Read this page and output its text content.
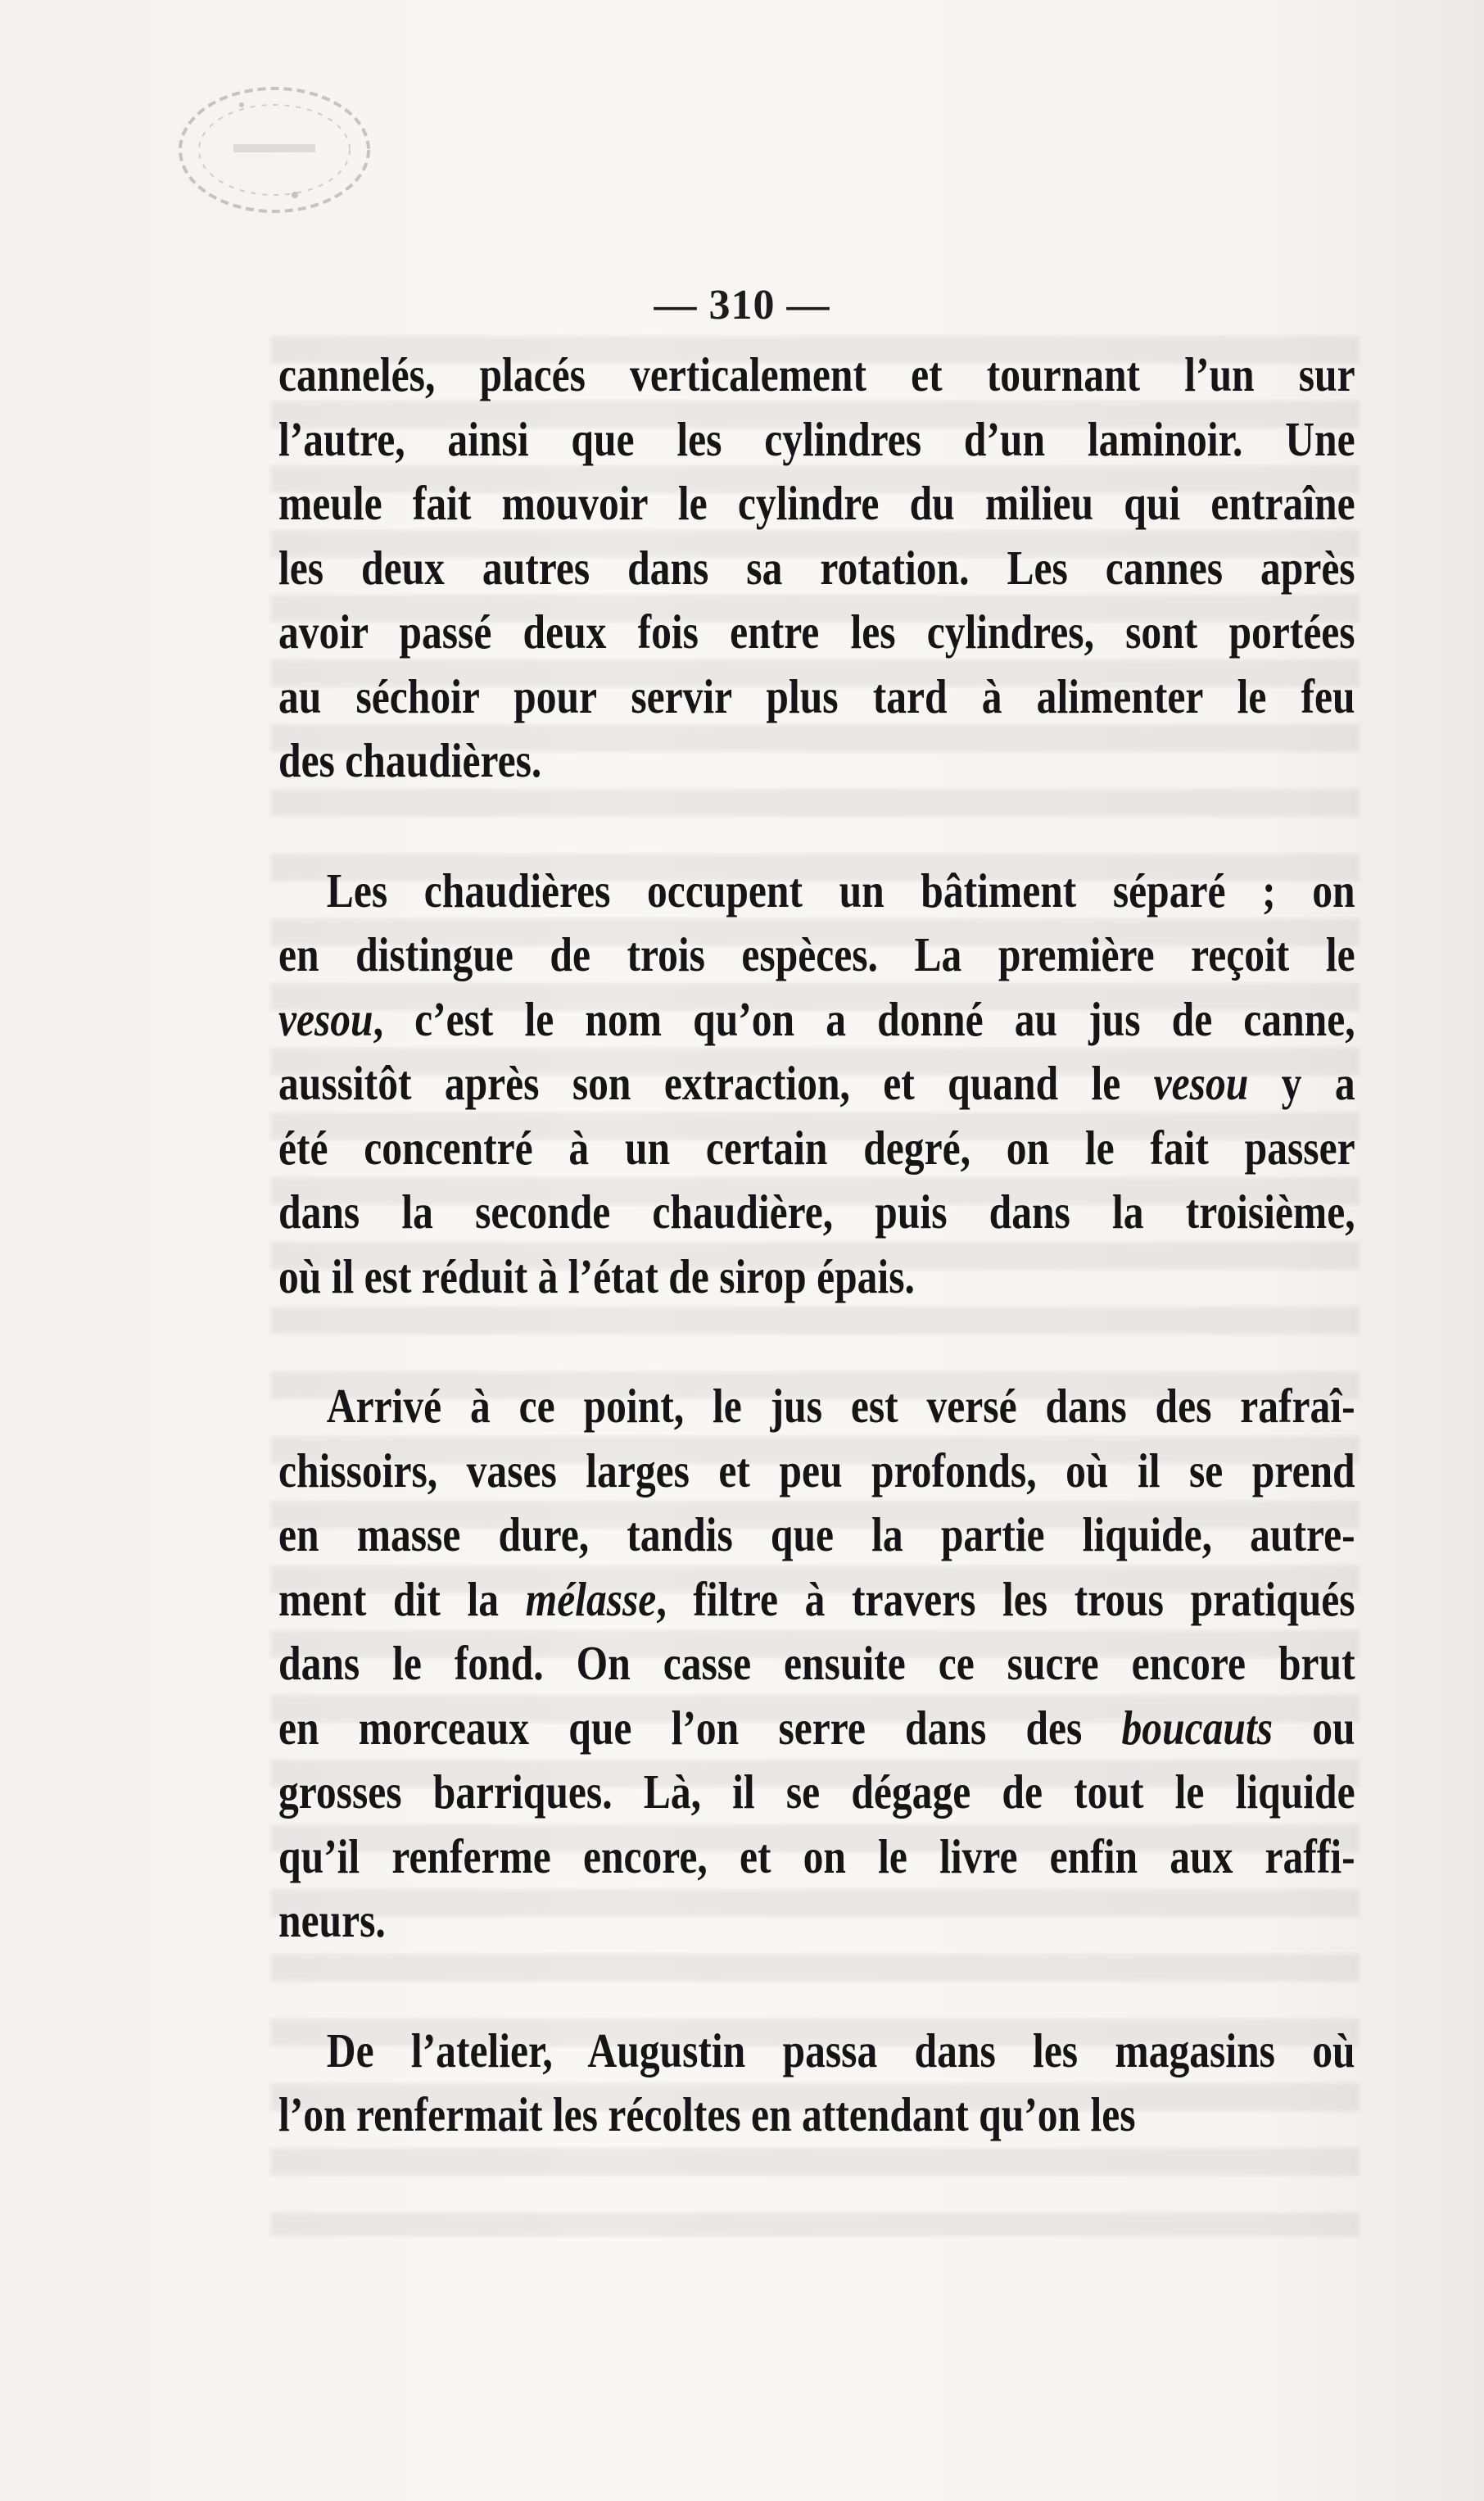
— 310 —
cannelés, placés verticalement et tournant l’un sur
l’autre, ainsi que les cylindres d’un laminoir. Une
meule fait mouvoir le cylindre du milieu qui entraîne
les deux autres dans sa rotation. Les cannes après
avoir passé deux fois entre les cylindres, sont portées
au séchoir pour servir plus tard à alimenter le feu
des chaudières.
Les chaudières occupent un bâtiment séparé ; on
en distingue de trois espèces. La première reçoit le
vesou, c’est le nom qu’on a donné au jus de canne,
aussitôt après son extraction, et quand le vesou y a
été concentré à un certain degré, on le fait passer
dans la seconde chaudière, puis dans la troisième,
où il est réduit à l’état de sirop épais.
Arrivé à ce point, le jus est versé dans des rafraî-
chissoirs, vases larges et peu profonds, où il se prend
en masse dure, tandis que la partie liquide, autre-
ment dit la mélasse, filtre à travers les trous pratiqués
dans le fond. On casse ensuite ce sucre encore brut
en morceaux que l’on serre dans des boucauts ou
grosses barriques. Là, il se dégage de tout le liquide
qu’il renferme encore, et on le livre enfin aux raffi-
neurs.
De l’atelier, Augustin passa dans les magasins où
l’on renfermait les récoltes en attendant qu’on les
